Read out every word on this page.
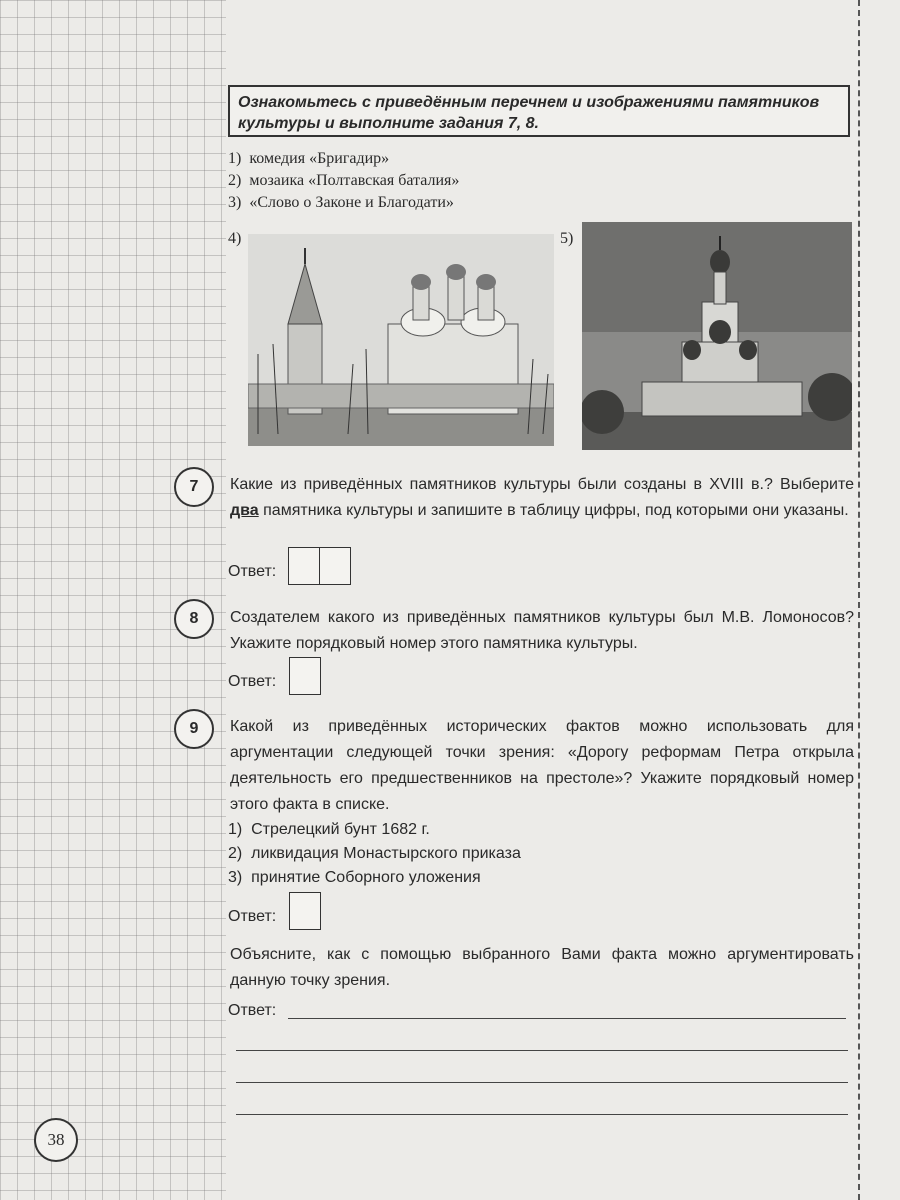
Ознакомьтесь с приведённым перечнем и изображениями памятников
культуры и выполните задания 7, 8.
1) комедия «Бригадир»
2) мозаика «Полтавская баталия»
3) «Слово о Законе и Благодати»
4)	5)
7	Какие из приведённых памятников культуры были созданы в XVIII в.? Выберите два памятника культуры и запишите в таблицу цифры, под которыми они указаны.

Ответ:
8	Создателем какого из приведённых памятников культуры был М.В. Ломоносов? Укажите порядковый номер этого памятника культуры.

Ответ:
9	Какой из приведённых исторических фактов можно использовать для аргументации следующей точки зрения: «Дорогу реформам Петра открыла деятельность его предшественников на престоле»? Укажите порядковый номер этого факта в списке.

1) Стрелецкий бунт 1682 г.
2) ликвидация Монастырского приказа
3) принятие Соборного уложения
Ответ:

Объясните, как с помощью выбранного Вами факта можно аргументировать данную точку зрения.

Ответ:
38
